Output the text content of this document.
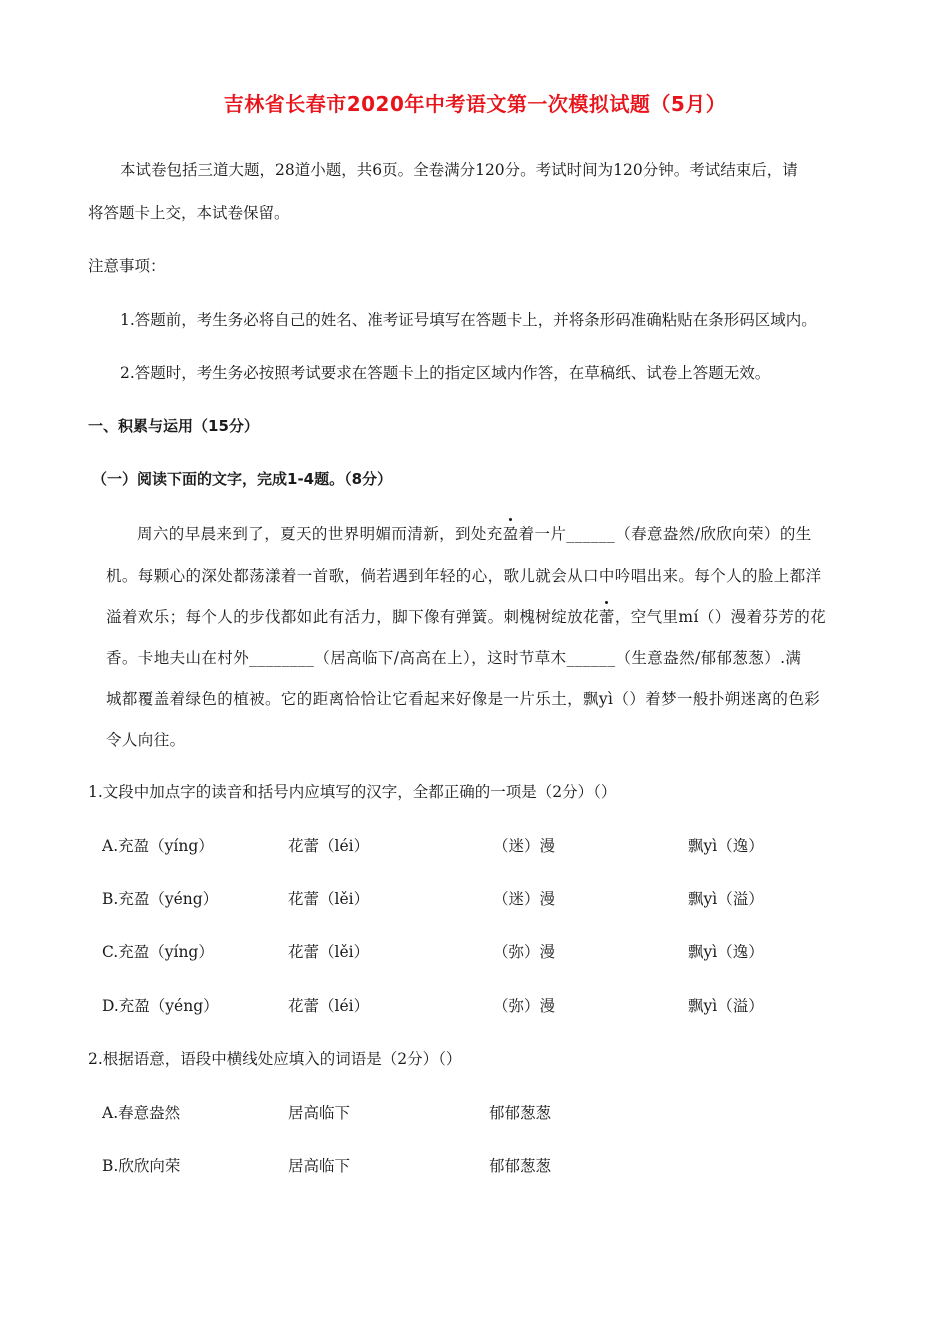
吉林省长春市2020年中考语文第一次模拟试题（5月）
本试卷包括三道大题，28道小题，共6页。全卷满分120分。考试时间为120分钟。考试结束后，请
将答题卡上交，本试卷保留。
注意事项：
1.答题前，考生务必将自己的姓名、准考证号填写在答题卡上，并将条形码准确粘贴在条形码区域内。
2.答题时，考生务必按照考试要求在答题卡上的指定区域内作答，在草稿纸、试卷上答题无效。
一、积累与运用（15分）
（一）阅读下面的文字，完成1-4题。（8分）
周六的早晨来到了，夏天的世界明媚而清新，到处充盈着一片______（春意盎然/欣欣向荣）的生
机。每颗心的深处都荡漾着一首歌，倘若遇到年轻的心，歌儿就会从口中吟唱出来。每个人的脸上都洋
溢着欢乐；每个人的步伐都如此有活力，脚下像有弹簧。刺槐树绽放花蕾，空气里mí（）漫着芬芳的花
香。卡地夫山在村外________（居高临下/高高在上），这时节草木______（生意盎然/郁郁葱葱）.满
城都覆盖着绿色的植被。它的距离恰恰让它看起来好像是一片乐土，飘yì（）着梦一般扑朔迷离的色彩
令人向往。
1.文段中加点字的读音和括号内应填写的汉字，全都正确的一项是（2分）（）
A.充盈（yíng）	花蕾（léi）	（迷）漫	飘yì（逸）
B.充盈（yéng）	花蕾（lěi）	（迷）漫	飘yì（溢）
C.充盈（yíng）	花蕾（lěi）	（弥）漫	飘yì（逸）
D.充盈（yéng）	花蕾（léi）	（弥）漫	飘yì（溢）
2.根据语意，语段中横线处应填入的词语是（2分）（）
A.春意盎然	居高临下	郁郁葱葱
B.欣欣向荣	居高临下	郁郁葱葱
